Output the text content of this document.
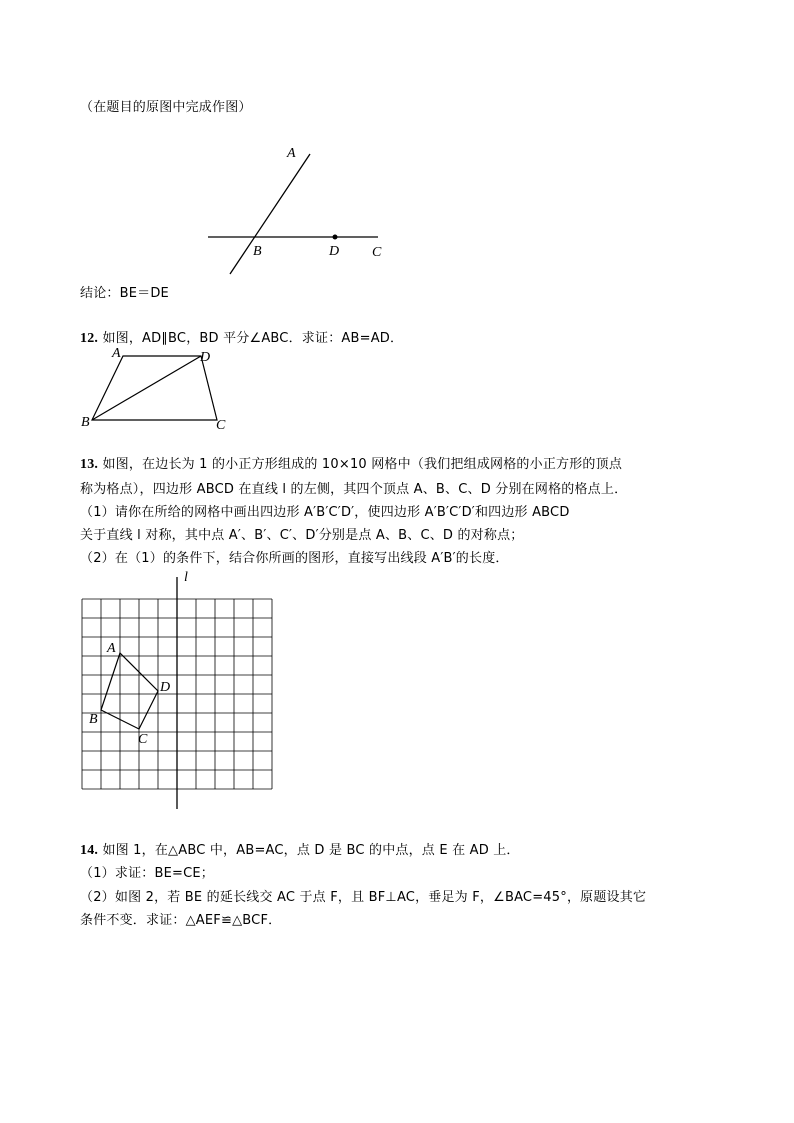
（在题目的原图中完成作图）
A
B	D C
结论：BE＝DE
12. 如图，AD∥BC，BD 平分∠ABC．求证：AB=AD．
A	D
B	C
13. 如图，在边长为 1 的小正方形组成的 10×10 网格中（我们把组成网格的小正方形的顶点
称为格点），四边形 ABCD 在直线 l 的左侧，其四个顶点 A、B、C、D 分别在网格的格点上．
（1）请你在所给的网格中画出四边形 A′B′C′D′，使四边形 A′B′C′D′和四边形 ABCD
关于直线 l 对称，其中点 A′、B′、C′、D′分别是点 A、B、C、D 的对称点；
（2）在（1）的条件下，结合你所画的图形，直接写出线段 A′B′的长度．
l
A
D
B
C
14. 如图 1，在△ABC 中，AB=AC，点 D 是 BC 的中点，点 E 在 AD 上．
（1）求证：BE=CE；
（2）如图 2，若 BE 的延长线交 AC 于点 F，且 BF⊥AC，垂足为 F，∠BAC=45°，原题设其它
条件不变．求证：△AEF≌△BCF．
